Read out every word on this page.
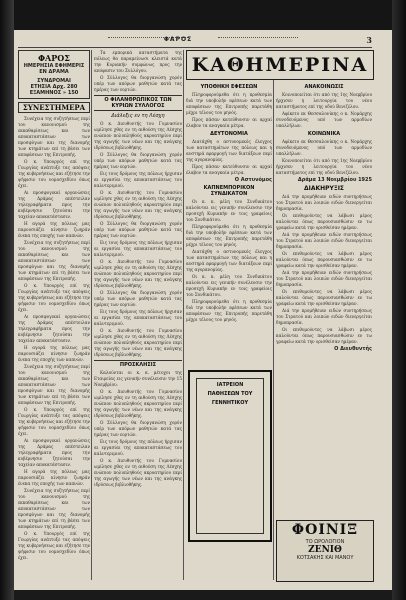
ΦΑΡΟΣ	3
ΦΑΡΟΣ
ΗΜΕΡΗΣΙΑ ΕΦΗΜΕΡΙΣ
ΕΝ ΔΡΑΜΑ
ΣΥΝΔΡΟΜΑΙ
ΕΤΗΣΙΑ Δρχ. 280
ΕΞΑΜΗΝΟΣ » 150
ΣΥΝΕΣΤΗΜΕΡΑ

Συνέχεια της συζητήσεως περί του κανονισμού της εκκαθαρίσεως και των αποκαταστάσεων των προσφύγων και της διανομής των κτημάτων επί τη βάσει των αποφάσεων της Επιτροπής.

Ο κ. Υπουργός επί της Γεωργίας ανέπτυξε τας απόψεις της κυβερνήσεως και εζήτησε την ψήφισιν του νομοσχεδίου όπως έχει.

Αι προσφυγικαί οργανώσεις της Δράμας απέστειλαν τηλεγραφήματα προς την κυβέρνησιν ζητούσαι την ταχείαν αποκατάστασιν.

Η αγορά της πόλεως μας παρουσιάζει κίνησιν ζωηράν ένεκα της εποχής των καπνών.

Συνέχεια της συζητήσεως περί του κανονισμού της εκκαθαρίσεως και των αποκαταστάσεων των προσφύγων και της διανομής των κτημάτων επί τη βάσει των αποφάσεων της Επιτροπής.

Ο κ. Υπουργός επί της Γεωργίας ανέπτυξε τας απόψεις της κυβερνήσεως και εζήτησε την ψήφισιν του νομοσχεδίου όπως έχει.

Αι προσφυγικαί οργανώσεις της Δράμας απέστειλαν τηλεγραφήματα προς την κυβέρνησιν ζητούσαι την ταχείαν αποκατάστασιν.

Η αγορά της πόλεως μας παρουσιάζει κίνησιν ζωηράν ένεκα της εποχής των καπνών.

Συνέχεια της συζητήσεως περί του κανονισμού της εκκαθαρίσεως και των αποκαταστάσεων των προσφύγων και της διανομής των κτημάτων επί τη βάσει των αποφάσεων της Επιτροπής.

Ο κ. Υπουργός επί της Γεωργίας ανέπτυξε τας απόψεις της κυβερνήσεως και εζήτησε την ψήφισιν του νομοσχεδίου όπως έχει.

Αι προσφυγικαί οργανώσεις της Δράμας απέστειλαν τηλεγραφήματα προς την κυβέρνησιν ζητούσαι την ταχείαν αποκατάστασιν.

Η αγορά της πόλεως μας παρουσιάζει κίνησιν ζωηράν ένεκα της εποχής των καπνών.

Συνέχεια της συζητήσεως περί του κανονισμού της εκκαθαρίσεως και των αποκαταστάσεων των προσφύγων και της διανομής των κτημάτων επί τη βάσει των αποφάσεων της Επιτροπής.

Ο κ. Υπουργός επί της Γεωργίας ανέπτυξε τας απόψεις της κυβερνήσεως και εζήτησε την ψήφισιν του νομοσχεδίου όπως έχει.

Τα εμπορικά καταστήματα της πόλεως θα παραμείνωσι κλειστά κατά την Κυριακήν συμφώνως προς την απόφασιν του Συλλόγου.

Ο Σύλλογος θα διοργανώση χορόν υπέρ των απόρων μαθητών κατά τας ημέρας των εορτών.

Ο ΦΙΛΑΝΘΡΩΠΙΚΟΣ ΤΩΝ ΚΥΡΙΩΝ ΣΥΛΛΟΓΟΣ
Διάλεξις εν τη Λέσχη

Ο κ. Διευθυντής του Γυμνασίου ωμίλησε χθες εν τη αιθούση της Λέσχης ενώπιον πολυπληθούς ακροατηρίου περί της αγωγής των νέων και της ανάγκης ιδρύσεως βιβλιοθήκης.

Ο Σύλλογος θα διοργανώση χορόν υπέρ των απόρων μαθητών κατά τας ημέρας των εορτών.

Εις τους δρόμους της πόλεως ήρχισαν αι εργασίαι της αποκαταστάσεως του καλντεριμιού.

Ο κ. Διευθυντής του Γυμνασίου ωμίλησε χθες εν τη αιθούση της Λέσχης ενώπιον πολυπληθούς ακροατηρίου περί της αγωγής των νέων και της ανάγκης ιδρύσεως βιβλιοθήκης.

Ο Σύλλογος θα διοργανώση χορόν υπέρ των απόρων μαθητών κατά τας ημέρας των εορτών.

Εις τους δρόμους της πόλεως ήρχισαν αι εργασίαι της αποκαταστάσεως του καλντεριμιού.

Ο κ. Διευθυντής του Γυμνασίου ωμίλησε χθες εν τη αιθούση της Λέσχης ενώπιον πολυπληθούς ακροατηρίου περί της αγωγής των νέων και της ανάγκης ιδρύσεως βιβλιοθήκης.

Ο Σύλλογος θα διοργανώση χορόν υπέρ των απόρων μαθητών κατά τας ημέρας των εορτών.

Εις τους δρόμους της πόλεως ήρχισαν αι εργασίαι της αποκαταστάσεως του καλντεριμιού.

Ο κ. Διευθυντής του Γυμνασίου ωμίλησε χθες εν τη αιθούση της Λέσχης ενώπιον πολυπληθούς ακροατηρίου περί της αγωγής των νέων και της ανάγκης ιδρύσεως βιβλιοθήκης.

ΠΡΟΣΚΛΗΣΙΣ

Καλούνται οι κ. κ. μέτοχοι της Εταιρείας εις γενικήν συνέλευσιν την 15 Νοεμβρίου.

Ο κ. Διευθυντής του Γυμνασίου ωμίλησε χθες εν τη αιθούση της Λέσχης ενώπιον πολυπληθούς ακροατηρίου περί της αγωγής των νέων και της ανάγκης ιδρύσεως βιβλιοθήκης.

Ο Σύλλογος θα διοργανώση χορόν υπέρ των απόρων μαθητών κατά τας ημέρας των εορτών.

Εις τους δρόμους της πόλεως ήρχισαν αι εργασίαι της αποκαταστάσεως του καλντεριμιού.

Ο κ. Διευθυντής του Γυμνασίου ωμίλησε χθες εν τη αιθούση της Λέσχης ενώπιον πολυπληθούς ακροατηρίου περί της αγωγής των νέων και της ανάγκης ιδρύσεως βιβλιοθήκης.

ΚΑΘΗΜΕΡΙΝΑ
ΥΠΟΘΗΚΗ ΕΦΕΣΕΩΝ

Πληροφορούμεθα ότι η προθεσμία διά την υποβολήν εφέσεων κατά των αποφάσεων της Επιτροπής παρετάθη μέχρι τέλους του μηνός.

Προς πάσαν κατεύθυνσιν αι αρχαί έλαβον τα αναγκαία μέτρα.

ΔΕΥΤΟΝΟΜΙΑ

Διατάχθη ο αστυνομικός έλεγχος των καταστημάτων της πόλεως και η αυστηρά εφαρμογή των διατάξεων περί της αγορανομίας.

Προς πάσαν κατεύθυνσιν αι αρχαί έλαβον τα αναγκαία μέτρα.

Ο Αστυνόμος
ΚΑΠΝΕΜΠΟΡΙΚΟΝ ΣΥΝΔΙΚΑΤΟΝ

Οι κ. κ. μέλη του Συνδικάτου καλούνται εις γενικήν συνέλευσιν την προσεχή Κυριακήν εν τοις γραφείοις του Συνδικάτου.

Πληροφορούμεθα ότι η προθεσμία διά την υποβολήν εφέσεων κατά των αποφάσεων της Επιτροπής παρετάθη μέχρι τέλους του μηνός.

Διατάχθη ο αστυνομικός έλεγχος των καταστημάτων της πόλεως και η αυστηρά εφαρμογή των διατάξεων περί της αγορανομίας.

Οι κ. κ. μέλη του Συνδικάτου καλούνται εις γενικήν συνέλευσιν την προσεχή Κυριακήν εν τοις γραφείοις του Συνδικάτου.

Πληροφορούμεθα ότι η προθεσμία διά την υποβολήν εφέσεων κατά των αποφάσεων της Επιτροπής παρετάθη μέχρι τέλους του μηνός.

ΙΑΤΡΕΙΟΝ
ΠΑΘΗΣΕΩΝ ΤΟΥ
ΓΕΝΝΗΤΙΚΟΥ
ΑΝΑΚΟΙΝΩΣΙΣ

Κοινοποιείται ότι από της 1ης Νοεμβρίου ήρχισεν η λειτουργία του νέου καταστήματος επί της οδού Βενιζέλου.

Αφίκετο εκ Θεσσαλονίκης ο κ. Νομάρχης συνοδευόμενος υπό των αρμοδίων υπαλλήλων.

ΚΟΙΝΩΝΙΚΑ

Αφίκετο εκ Θεσσαλονίκης ο κ. Νομάρχης συνοδευόμενος υπό των αρμοδίων υπαλλήλων.

Κοινοποιείται ότι από της 1ης Νοεμβρίου ήρχισεν η λειτουργία του νέου καταστήματος επί της οδού Βενιζέλου.

Δράμα 13 Νοεμβρίου 1925
ΔΙΑΚΗΡΥΞΙΣ

Διά την προμήθειαν ειδών συντηρήσεως του Στρατού και λοιπών ειδών διενεργείται δημοπρασία.

Οι επιθυμούντες να λάβωσι μέρος καλούνται όπως παρουσιασθώσιν εν τω γραφείω κατά την ορισθείσαν ημέραν.

Διά την προμήθειαν ειδών συντηρήσεως του Στρατού και λοιπών ειδών διενεργείται δημοπρασία.

Οι επιθυμούντες να λάβωσι μέρος καλούνται όπως παρουσιασθώσιν εν τω γραφείω κατά την ορισθείσαν ημέραν.

Διά την προμήθειαν ειδών συντηρήσεως του Στρατού και λοιπών ειδών διενεργείται δημοπρασία.

Οι επιθυμούντες να λάβωσι μέρος καλούνται όπως παρουσιασθώσιν εν τω γραφείω κατά την ορισθείσαν ημέραν.

Διά την προμήθειαν ειδών συντηρήσεως του Στρατού και λοιπών ειδών διενεργείται δημοπρασία.

Οι επιθυμούντες να λάβωσι μέρος καλούνται όπως παρουσιασθώσιν εν τω γραφείω κατά την ορισθείσαν ημέραν.

Ο Διευθυντής
ΦΟΙΝΙΞ
ΤΟ ΩΡΟΛΟΓΙΟΝ
ΖΕΝΙΘ
ΚΟΤΣΑΚΗΣ ΚΑΙ ΜΑΝΟΥ
